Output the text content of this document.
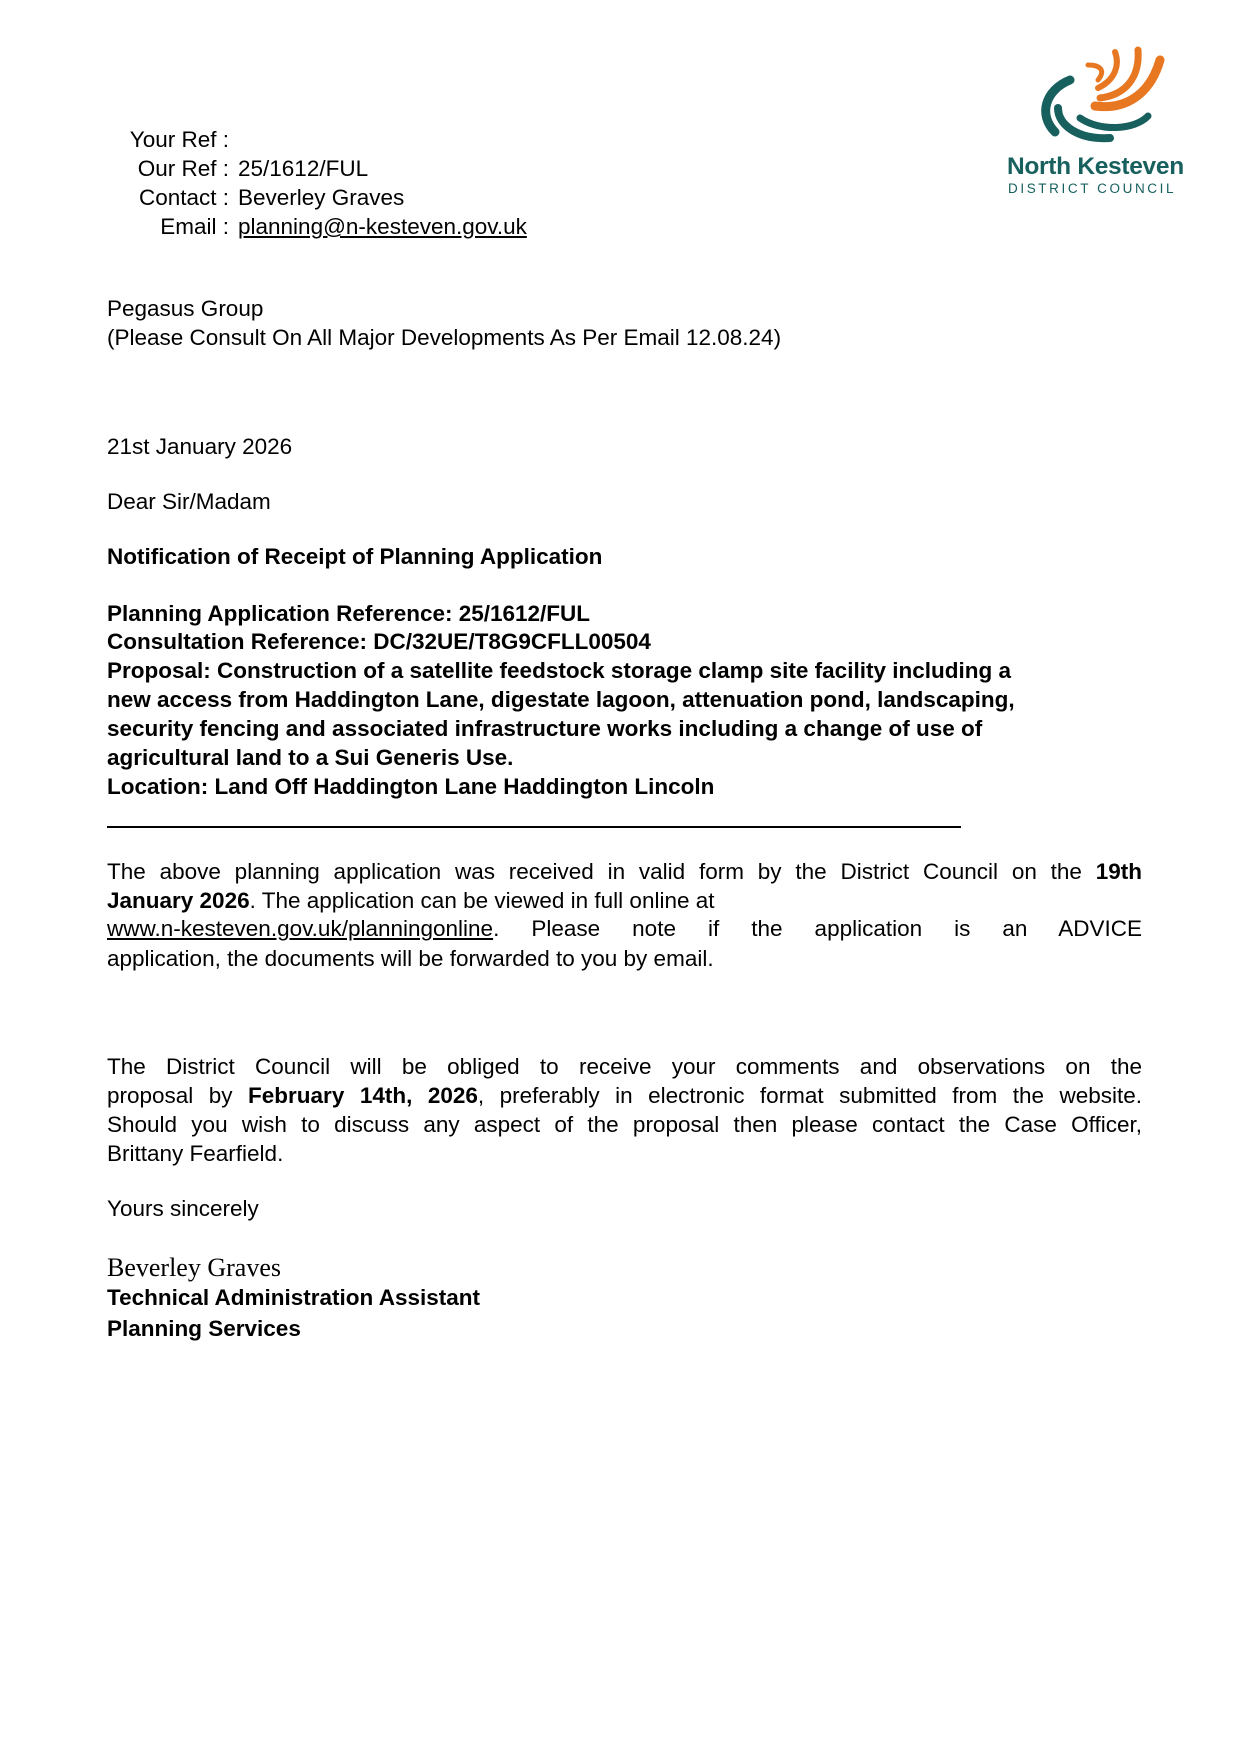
North Kesteven
DISTRICT COUNCIL
Your Ref :
Our Ref : 25/1612/FUL
Contact : Beverley Graves
Email : planning@n-kesteven.gov.uk
Pegasus Group
(Please Consult On All Major Developments As Per Email 12.08.24)
21st January 2026
Dear Sir/Madam
Notification of Receipt of Planning Application
Planning Application Reference: 25/1612/FUL
Consultation Reference: DC/32UE/T8G9CFLL00504
Proposal: Construction of a satellite feedstock storage clamp site facility including a
new access from Haddington Lane, digestate lagoon, attenuation pond, landscaping,
security fencing and associated infrastructure works including a change of use of
agricultural land to a Sui Generis Use.
Location: Land Off Haddington Lane Haddington Lincoln
The above planning application was received in valid form by the District Council on the 19th
January 2026. The application can be viewed in full online at
www.n-kesteven.gov.uk/planningonline. Please note if the application is an ADVICE
application, the documents will be forwarded to you by email.
The District Council will be obliged to receive your comments and observations on the
proposal by February 14th, 2026, preferably in electronic format submitted from the website.
Should you wish to discuss any aspect of the proposal then please contact the Case Officer,
Brittany Fearfield.
Yours sincerely
Beverley Graves
Technical Administration Assistant
Planning Services
